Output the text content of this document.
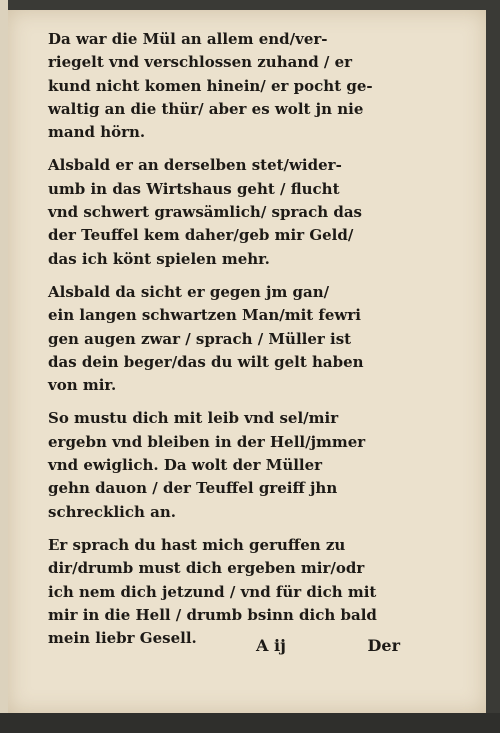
Da war die Mül an allem end/ver‑
riegelt vnd verschlossen zuhand / er
kund nicht komen hinein/ er pocht ge‑
waltig an die thür/ aber es wolt jn nie
mand hörn.
Alsbald er an derselben stet/wider‑
umb in das Wirtshaus geht / flucht
vnd schwert grawsämlich/ sprach das
der Teuffel kem daher/geb mir Geld/
das ich könt spielen mehr.
Alsbald da sicht er gegen jm gan/
ein langen schwartzen Man/mit fewri
gen augen zwar / sprach / Müller ist
das dein beger/das du wilt gelt haben
von mir.
So mustu dich mit leib vnd sel/mir
ergebn vnd bleiben in der Hell/jmmer
vnd ewiglich. Da wolt der Müller
gehn dauon / der Teuffel greiff jhn
schrecklich an.
Er sprach du hast mich geruffen zu
dir/drumb must dich ergeben mir/odr
ich nem dich jetzund / vnd für dich mit
mir in die Hell / drumb bsinn dich bald
mein liebr Gesell.	A ij	Der
